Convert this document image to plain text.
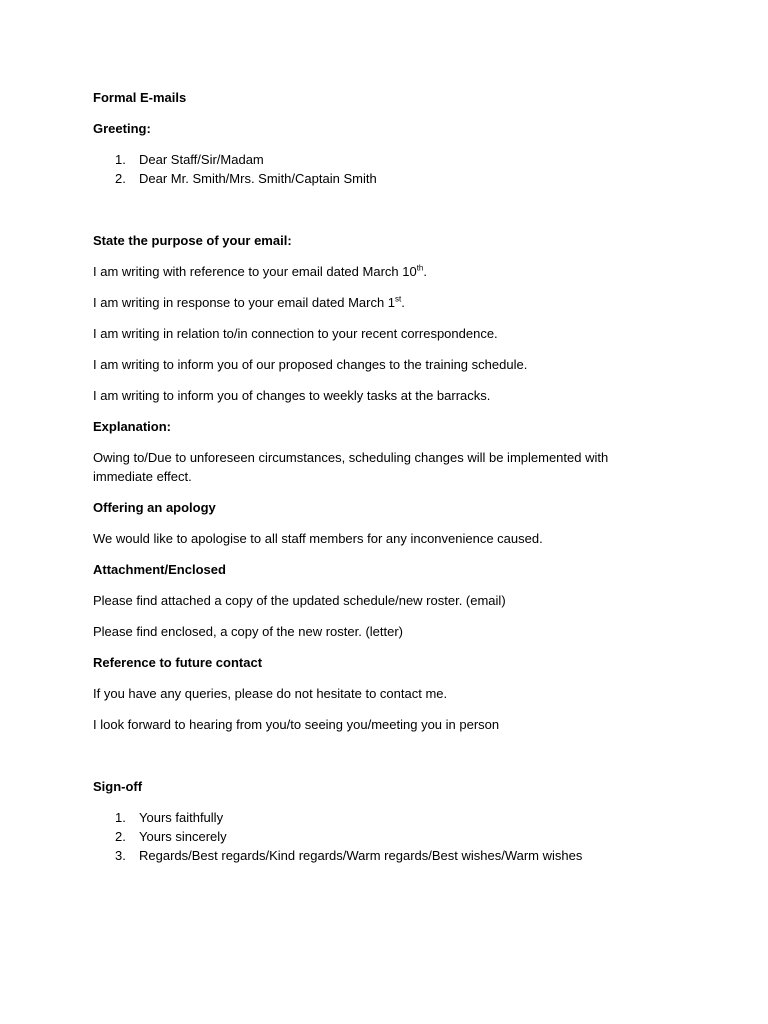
Formal E-mails

Greeting:

1. Dear Staff/Sir/Madam
2. Dear Mr. Smith/Mrs. Smith/Captain Smith

State the purpose of your email:

I am writing with reference to your email dated March 10th.

I am writing in response to your email dated March 1st.

I am writing in relation to/in connection to your recent correspondence.

I am writing to inform you of our proposed changes to the training schedule.

I am writing to inform you of changes to weekly tasks at the barracks.

Explanation:

Owing to/Due to unforeseen circumstances, scheduling changes will be implemented with immediate effect.

Offering an apology

We would like to apologise to all staff members for any inconvenience caused.

Attachment/Enclosed

Please find attached a copy of the updated schedule/new roster. (email)

Please find enclosed, a copy of the new roster. (letter)

Reference to future contact

If you have any queries, please do not hesitate to contact me.

I look forward to hearing from you/to seeing you/meeting you in person

Sign-off

1. Yours faithfully
2. Yours sincerely
3. Regards/Best regards/Kind regards/Warm regards/Best wishes/Warm wishes
